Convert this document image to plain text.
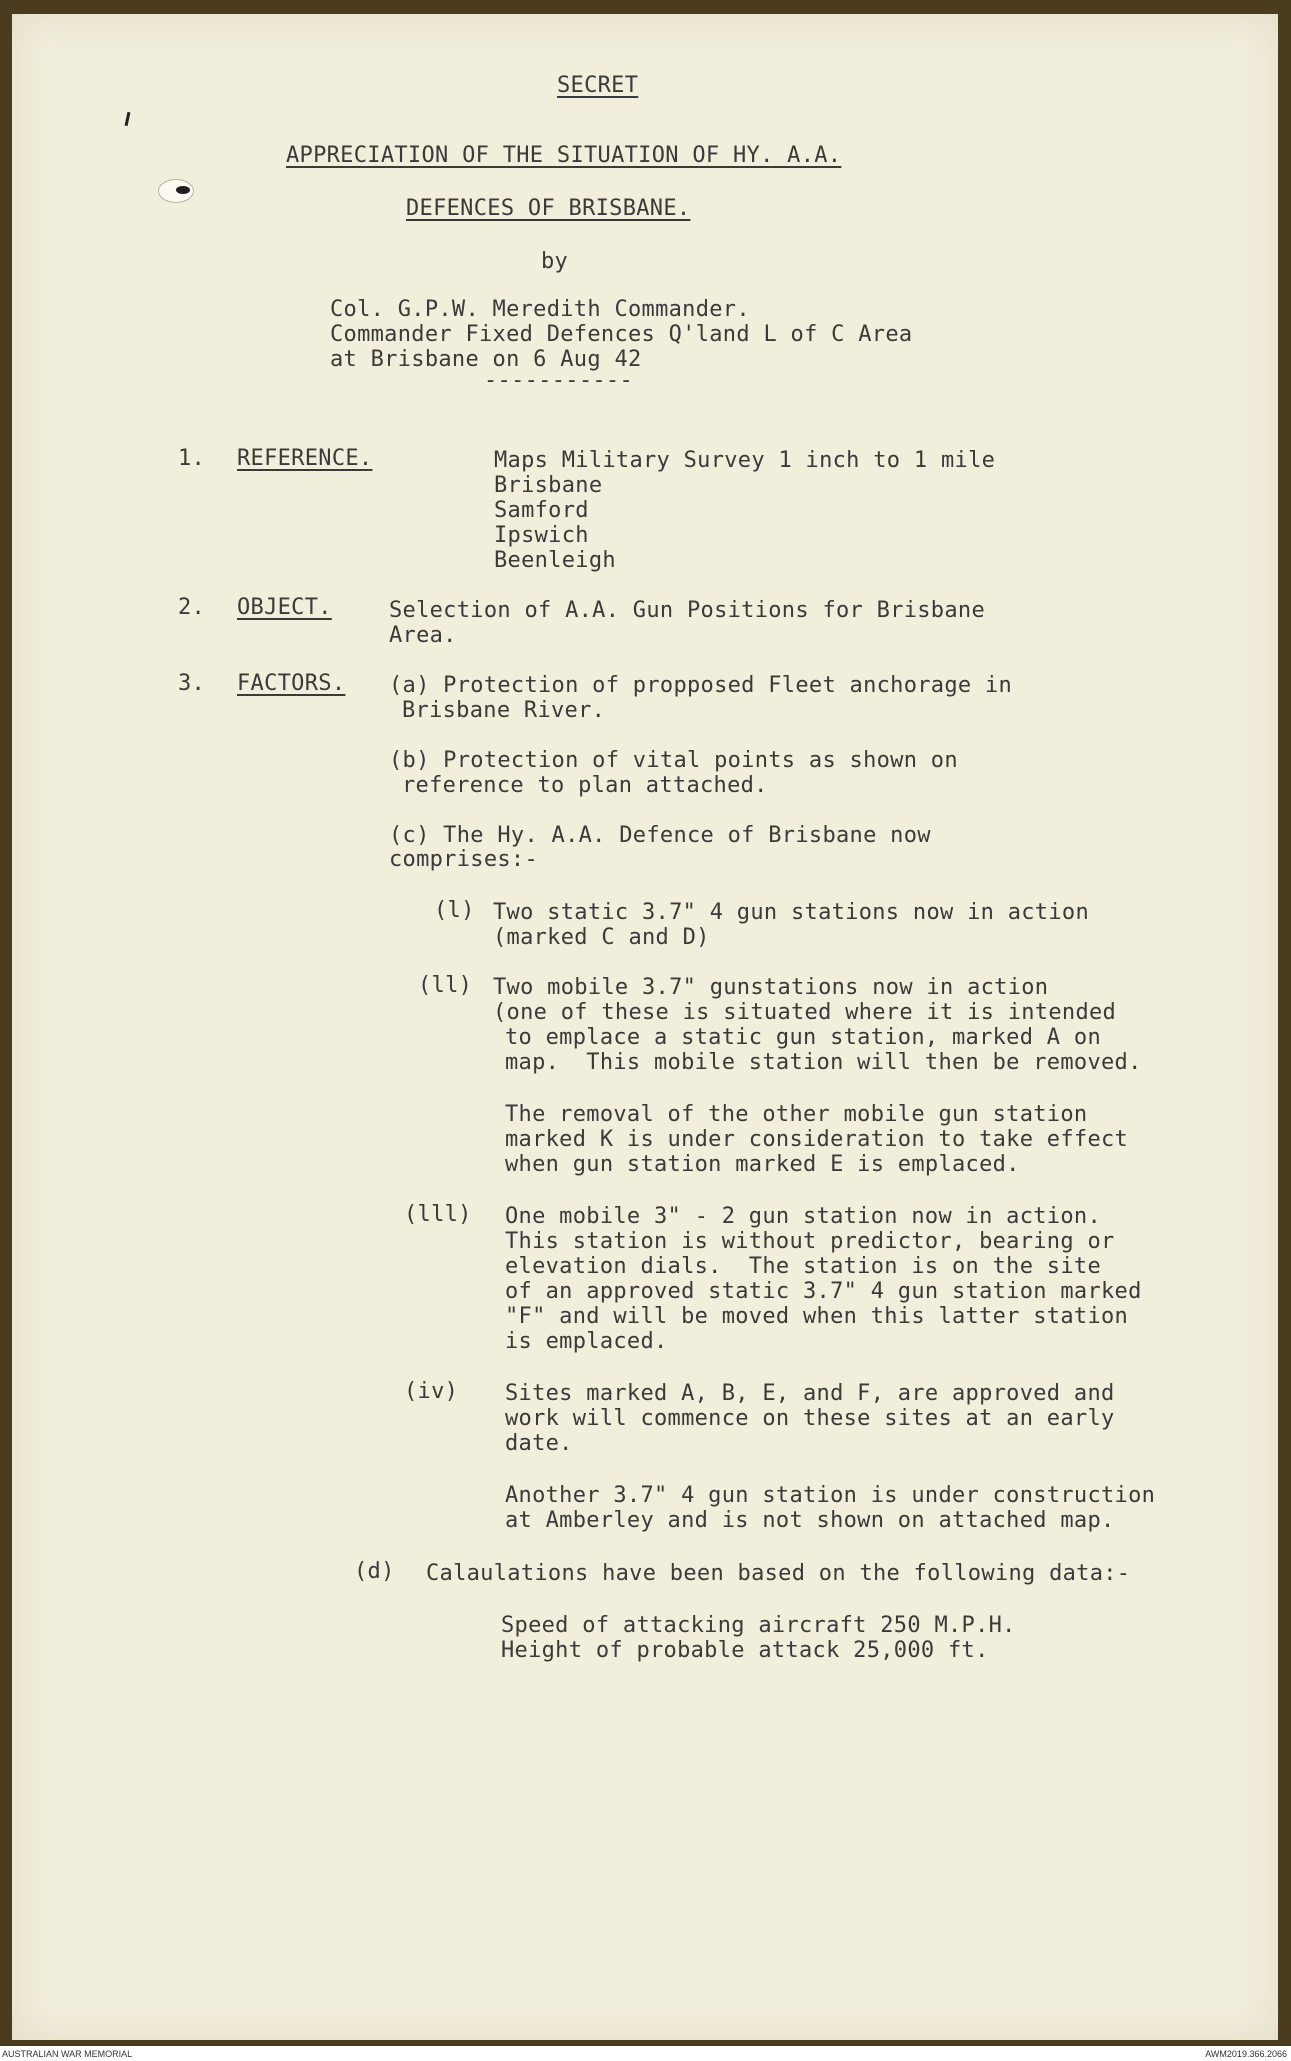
SECRET
APPRECIATION OF THE SITUATION OF HY. A.A.
DEFENCES OF BRISBANE.
by
Col. G.P.W. Meredith Commander.
Commander Fixed Defences Q'land L of C Area
at Brisbane on 6 Aug 42
-----------
1. REFERENCE.	Maps Military Survey 1 inch to 1 mile
Brisbane
Samford
Ipswich
Beenleigh
2. OBJECT.	Selection of A.A. Gun Positions for Brisbane
Area.
3. FACTORS. (a) Protection of propposed Fleet anchorage in
Brisbane River.
(b) Protection of vital points as shown on
reference to plan attached.
(c) The Hy. A.A. Defence of Brisbane now
comprises:-
(l) Two static 3.7" 4 gun stations now in action
(marked C and D)
(ll) Two mobile 3.7" gunstations now in action
(one of these is situated where it is intended
to emplace a static gun station, marked A on
map.  This mobile station will then be removed.
The removal of the other mobile gun station
marked K is under consideration to take effect
when gun station marked E is emplaced.
(lll) One mobile 3" - 2 gun station now in action.
This station is without predictor, bearing or
elevation dials.  The station is on the site
of an approved static 3.7" 4 gun station marked
"F" and will be moved when this latter station
is emplaced.
(iv) Sites marked A, B, E, and F, are approved and
work will commence on these sites at an early
date.
Another 3.7" 4 gun station is under construction
at Amberley and is not shown on attached map.
(d) Calaulations have been based on the following data:-
Speed of attacking aircraft 250 M.P.H.
Height of probable attack 25,000 ft.
AUSTRALIAN WAR MEMORIAL	AWM2019.366.2066
